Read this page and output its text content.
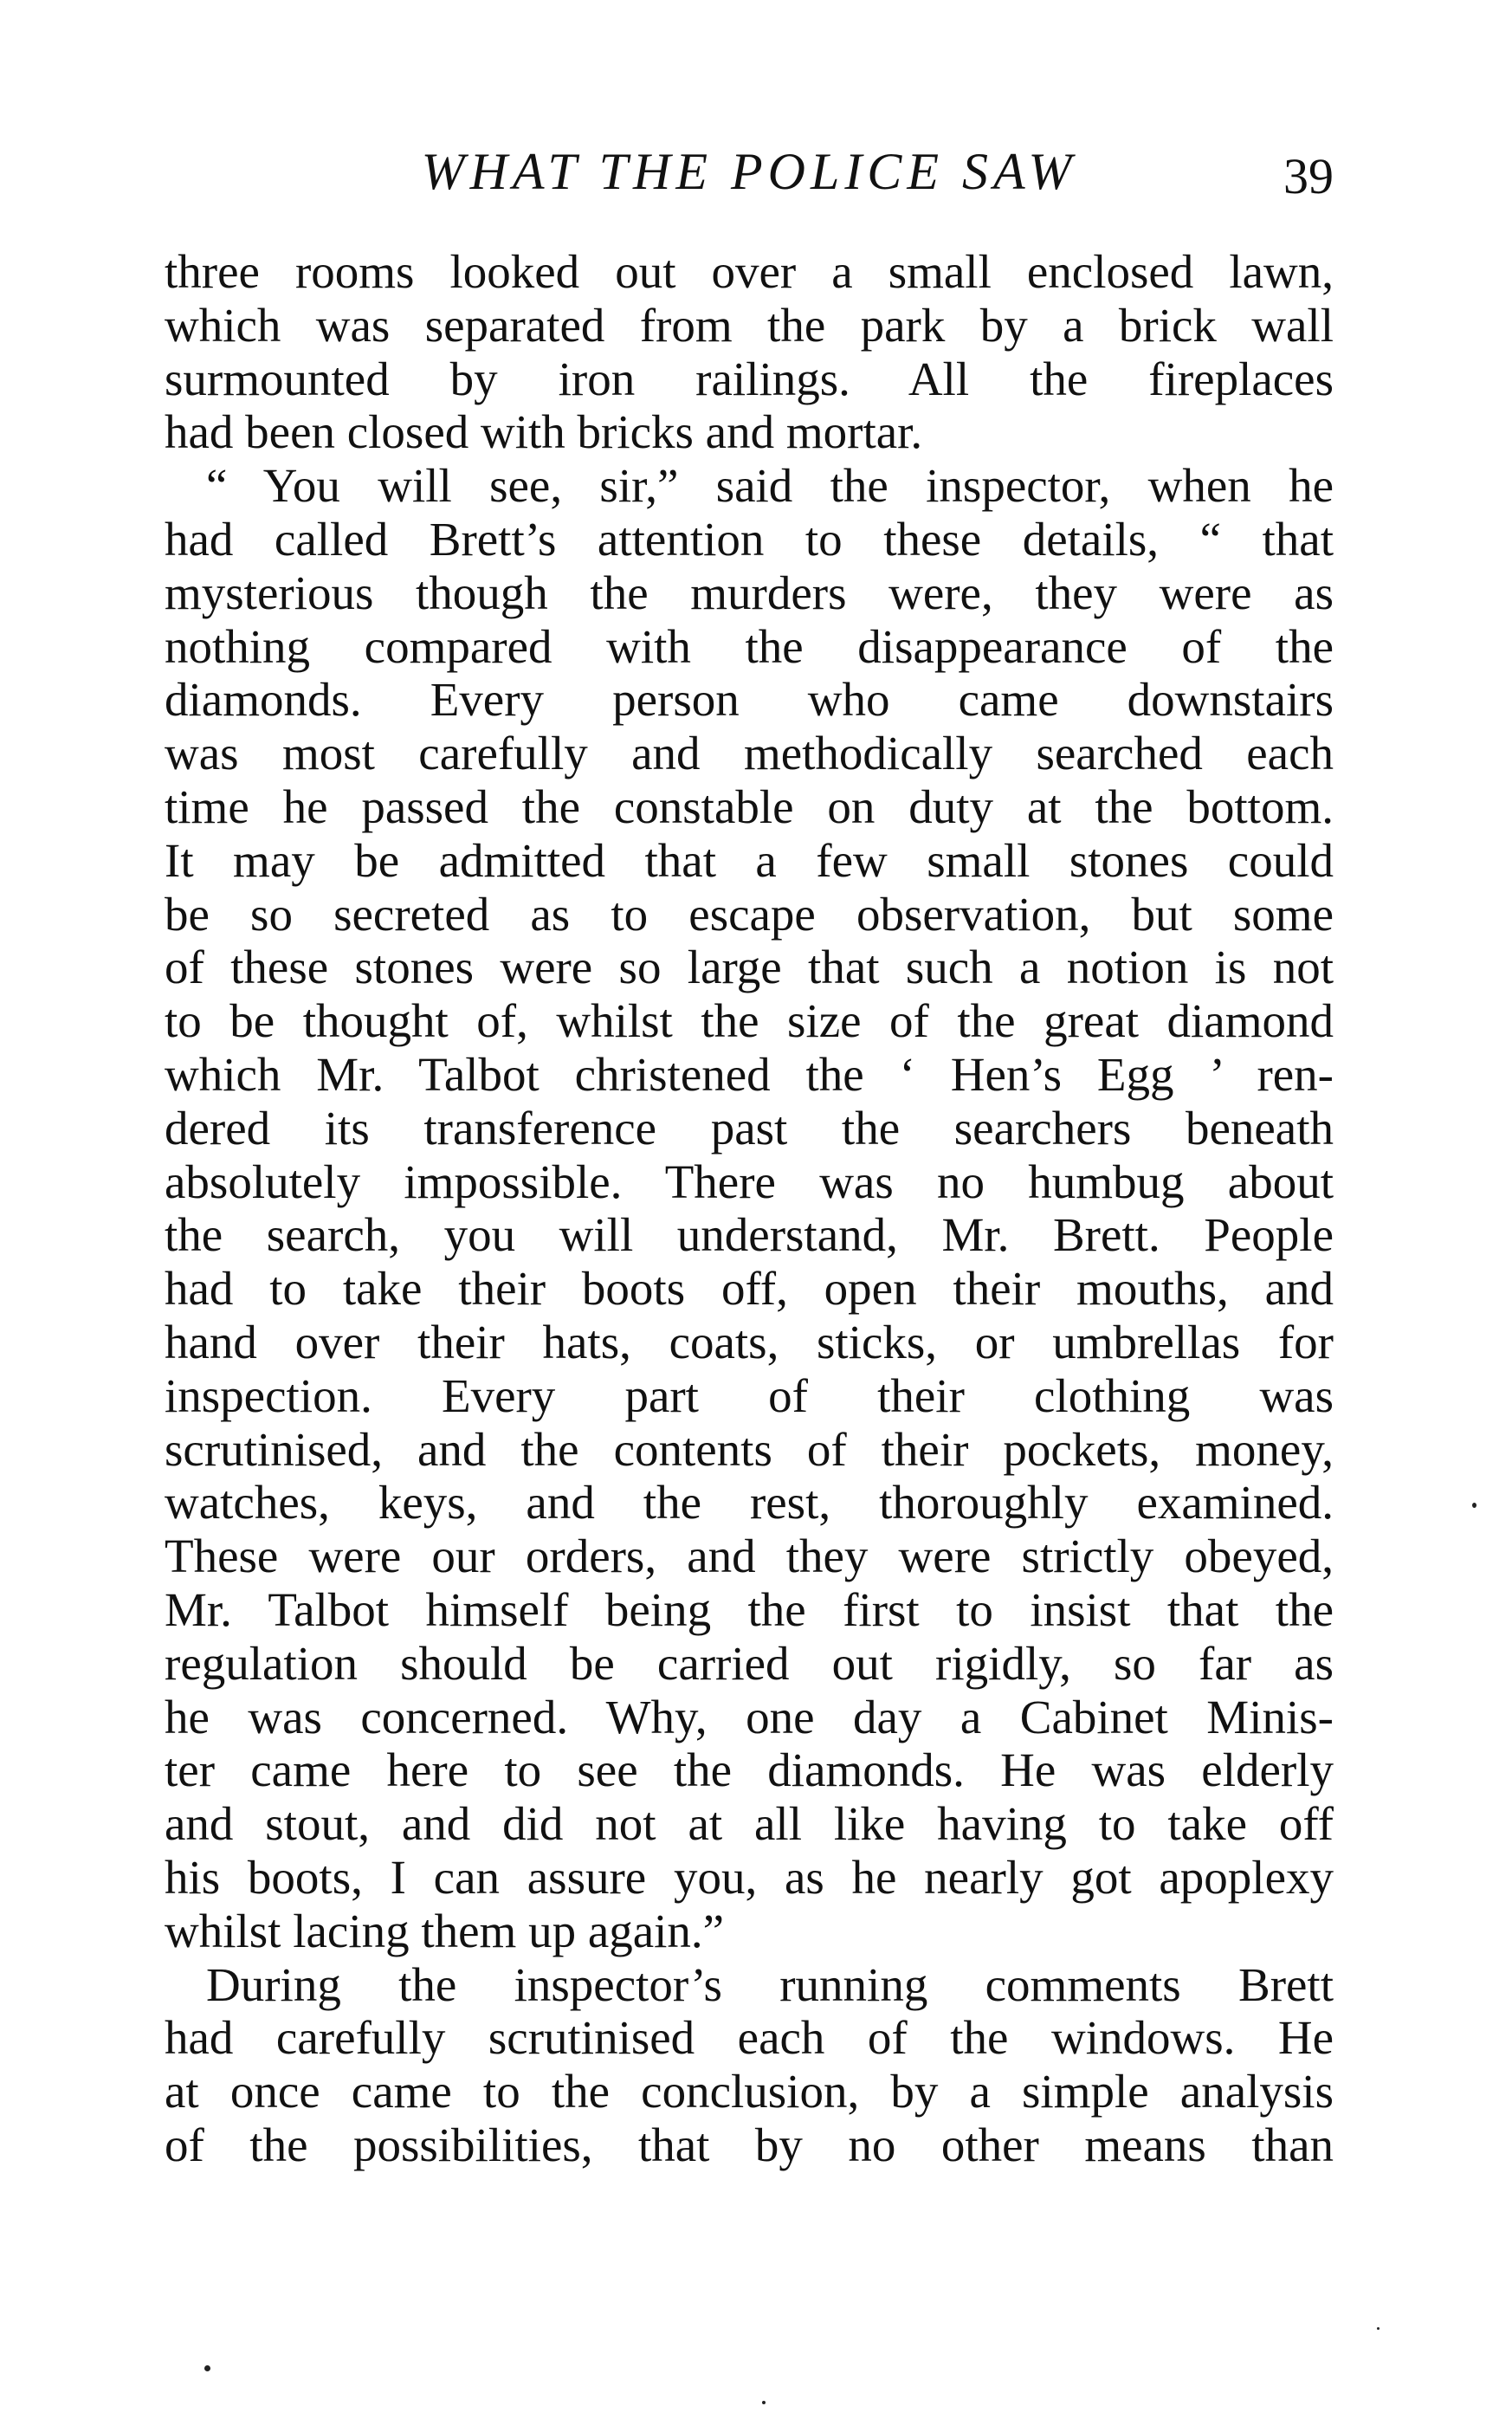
WHAT THE POLICE SAW	39
three rooms looked out over a small enclosed lawn,
which was separated from the park by a brick wall
surmounted by iron railings. All the fireplaces
had been closed with bricks and mortar.
“ You will see, sir,” said the inspector, when he
had called Brett’s attention to these details, “ that
mysterious though the murders were, they were as
nothing compared with the disappearance of the
diamonds. Every person who came downstairs
was most carefully and methodically searched each
time he passed the constable on duty at the bottom.
It may be admitted that a few small stones could
be so secreted as to escape observation, but some
of these stones were so large that such a notion is not
to be thought of, whilst the size of the great diamond
which Mr. Talbot christened the ‘ Hen’s Egg ’ ren-
dered its transference past the searchers beneath
absolutely impossible. There was no humbug about
the search, you will understand, Mr. Brett. People
had to take their boots off, open their mouths, and
hand over their hats, coats, sticks, or umbrellas for
inspection. Every part of their clothing was
scrutinised, and the contents of their pockets, money,
watches, keys, and the rest, thoroughly examined.
These were our orders, and they were strictly obeyed,
Mr. Talbot himself being the first to insist that the
regulation should be carried out rigidly, so far as
he was concerned. Why, one day a Cabinet Minis-
ter came here to see the diamonds. He was elderly
and stout, and did not at all like having to take off
his boots, I can assure you, as he nearly got apoplexy
whilst lacing them up again.”
During the inspector’s running comments Brett
had carefully scrutinised each of the windows. He
at once came to the conclusion, by a simple analysis
of the possibilities, that by no other means than
